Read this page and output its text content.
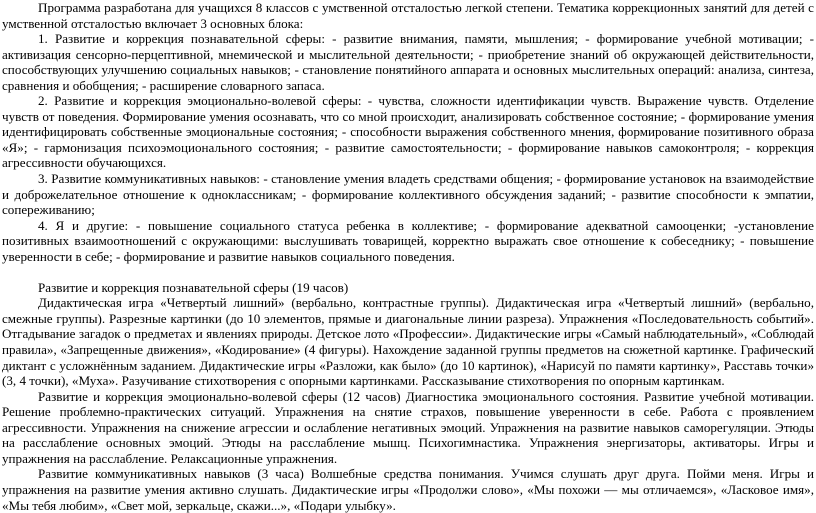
Программа разработана для учащихся 8 классов с умственной отсталостью легкой степени. Тематика коррекционных занятий для детей с умственной отсталостью включает 3 основных блока:

1. Развитие и коррекция познавательной сферы: - развитие внимания, памяти, мышления; - формирование учебной мотивации; - активизация сенсорно-перцептивной, мнемической и мыслительной деятельности; - приобретение знаний об окружающей действительности, способствующих улучшению социальных навыков; - становление понятийного аппарата и основных мыслительных операций: анализа, синтеза, сравнения и обобщения; - расширение словарного запаса.

2. Развитие и коррекция эмоционально-волевой сферы: - чувства, сложности идентификации чувств. Выражение чувств. Отделение чувств от поведения. Формирование умения осознавать, что со мной происходит, анализировать собственное состояние; - формирование умения идентифицировать собственные эмоциональные состояния; - способности выражения собственного мнения, формирование позитивного образа «Я»; - гармонизация психоэмоционального состояния; - развитие самостоятельности; - формирование навыков самоконтроля; - коррекция агрессивности обучающихся.

3. Развитие коммуникативных навыков: - становление умения владеть средствами общения; - формирование установок на взаимодействие и доброжелательное отношение к одноклассникам; - формирование коллективного обсуждения заданий; - развитие способности к эмпатии, сопереживанию;

4. Я и другие: - повышение социального статуса ребенка в коллективе; - формирование адекватной самооценки; -установление позитивных взаимоотношений с окружающими: выслушивать товарищей, корректно выражать свое отношение к собеседнику; - повышение уверенности в себе; - формирование и развитие навыков социального поведения.

Развитие и коррекция познавательной сферы (19 часов)

Дидактическая игра «Четвертый лишний» (вербально, контрастные группы). Дидактическая игра «Четвертый лишний» (вербально, смежные группы). Разрезные картинки (до 10 элементов, прямые и диагональные линии разреза). Упражнения «Последовательность событий». Отгадывание загадок о предметах и явлениях природы. Детское лото «Профессии». Дидактические игры «Самый наблюдательный», «Соблюдай правила», «Запрещенные движения», «Кодирование» (4 фигуры). Нахождение заданной группы предметов на сюжетной картинке. Графический диктант с усложнённым заданием. Дидактические игры «Разложи, как было» (до 10 картинок), «Нарисуй по памяти картинку», Расставь точки» (3, 4 точки), «Муха». Разучивание стихотворения с опорными картинками. Рассказывание стихотворения по опорным картинкам.

Развитие и коррекция эмоционально-волевой сферы (12 часов) Диагностика эмоционального состояния. Развитие учебной мотивации. Решение проблемно-практических ситуаций. Упражнения на снятие страхов, повышение уверенности в себе. Работа с проявлением агрессивности. Упражнения на снижение агрессии и ослабление негативных эмоций. Упражнения на развитие навыков саморегуляции. Этюды на расслабление основных эмоций. Этюды на расслабление мышц. Психогимнастика. Упражнения энергизаторы, активаторы. Игры и упражнения на расслабление. Релаксационные упражнения.

Развитие коммуникативных навыков (3 часа) Волшебные средства понимания. Учимся слушать друг друга. Пойми меня. Игры и упражнения на развитие умения активно слушать. Дидактические игры «Продолжи слово», «Мы похожи — мы отличаемся», «Ласковое имя», «Мы тебя любим», «Свет мой, зеркальце, скажи...», «Подари улыбку».
